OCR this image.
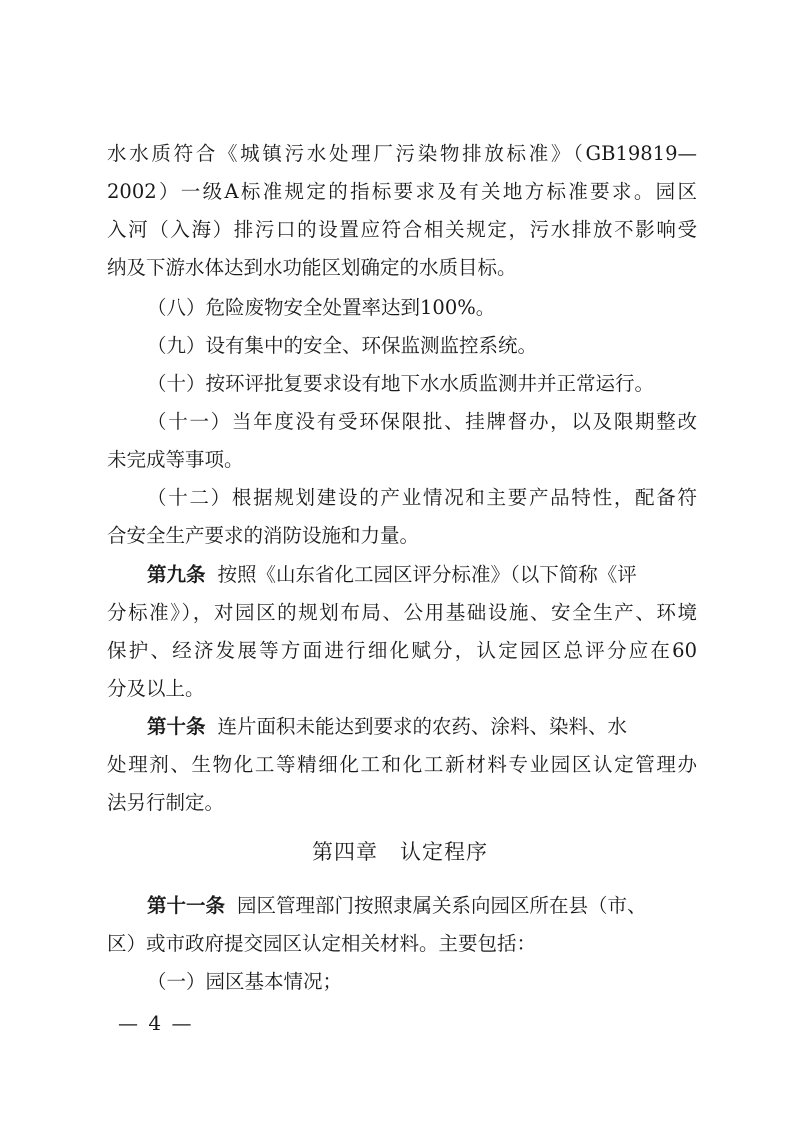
水水质符合《城镇污水处理厂污染物排放标准》（GB19819—
2002）一级A标准规定的指标要求及有关地方标准要求。园区
入河（入海）排污口的设置应符合相关规定，污水排放不影响受
纳及下游水体达到水功能区划确定的水质目标。
（八）危险废物安全处置率达到100%。
（九）设有集中的安全、环保监测监控系统。
（十）按环评批复要求设有地下水水质监测井并正常运行。
（十一）当年度没有受环保限批、挂牌督办，以及限期整改
未完成等事项。
（十二）根据规划建设的产业情况和主要产品特性，配备符
合安全生产要求的消防设施和力量。
第九条 按照《山东省化工园区评分标准》（以下简称《评
分标准》），对园区的规划布局、公用基础设施、安全生产、环境
保护、经济发展等方面进行细化赋分，认定园区总评分应在60
分及以上。
第十条 连片面积未能达到要求的农药、涂料、染料、水
处理剂、生物化工等精细化工和化工新材料专业园区认定管理办
法另行制定。
第四章　认定程序
第十一条 园区管理部门按照隶属关系向园区所在县（市、
区）或市政府提交园区认定相关材料。主要包括：
（一）园区基本情况；
— 4 —
